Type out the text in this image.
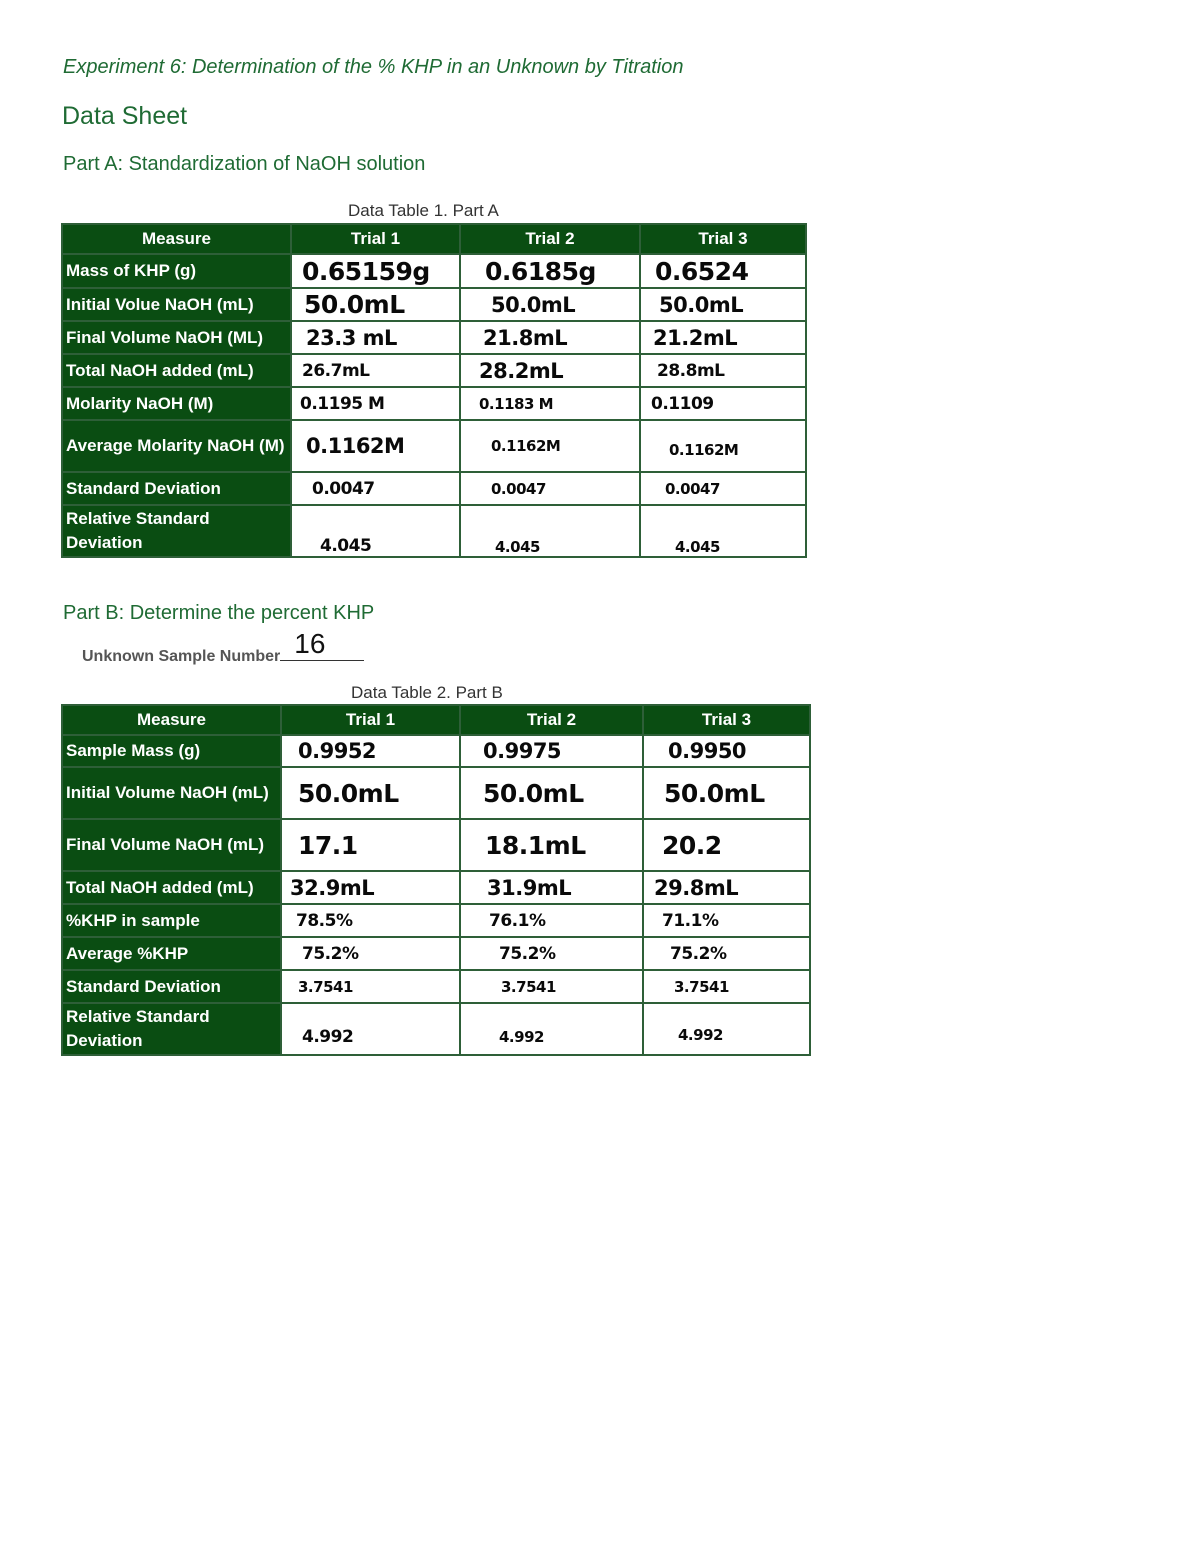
Experiment 6: Determination of the % KHP in an Unknown by Titration
Data Sheet
Part A: Standardization of NaOH solution
Data Table 1. Part A
Measure	Trial 1	Trial 2	Trial 3
Mass of KHP (g)	0.65159g	0.6185g	0.6524
Initial Volue NaOH (mL)	50.0mL	50.0mL	50.0mL
Final Volume NaOH (ML)	23.3 mL	21.8mL	21.2mL
Total NaOH added (mL)	26.7mL	28.2mL	28.8mL
Molarity NaOH (M)	0.1195 M	0.1183 M	0.1109
Average Molarity NaOH (M)	0.1162M	0.1162M	0.1162M
Standard Deviation	0.0047	0.0047	0.0047
Relative Standard Deviation	4.045	4.045	4.045
Part B: Determine the percent KHP
Unknown Sample Number 16
Data Table 2. Part B
Measure	Trial 1	Trial 2	Trial 3
Sample Mass (g)	0.9952	0.9975	0.9950
Initial Volume NaOH (mL)	50.0mL	50.0mL	50.0mL
Final Volume NaOH (mL)	17.1	18.1mL	20.2
Total NaOH added (mL)	32.9mL	31.9mL	29.8mL
%KHP in sample	78.5%	76.1%	71.1%
Average %KHP	75.2%	75.2%	75.2%
Standard Deviation	3.7541	3.7541	3.7541
Relative Standard Deviation	4.992	4.992	4.992
